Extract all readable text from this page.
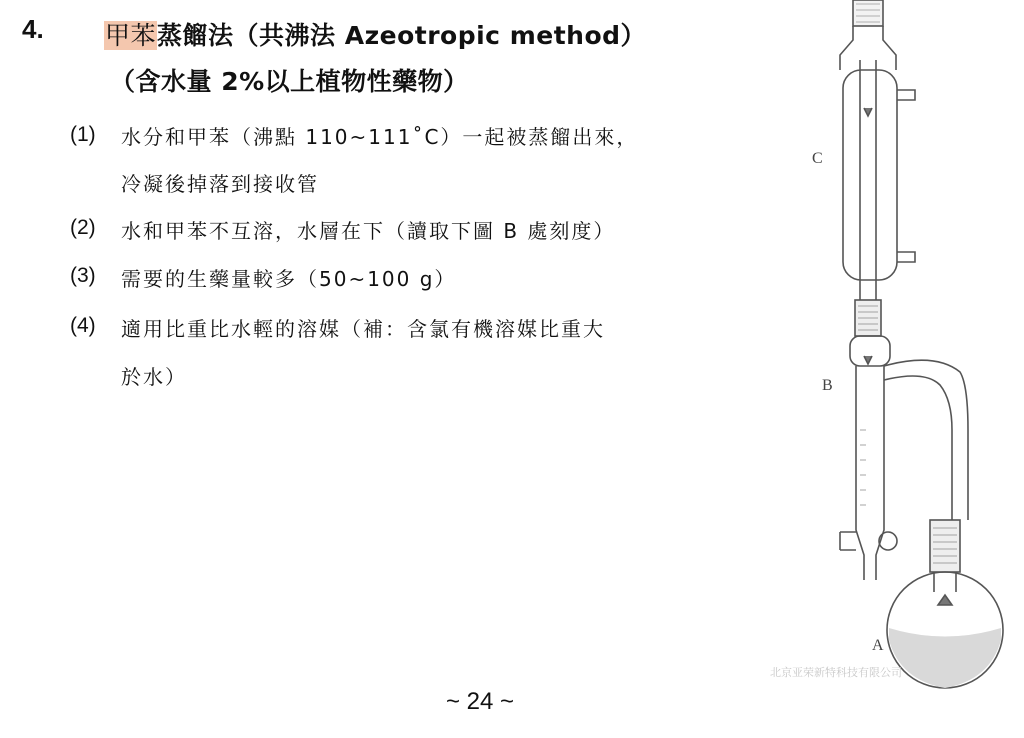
4. 甲苯蒸餾法（共沸法 Azeotropic method）
（含水量 2%以上植物性藥物）
(1) 水分和甲苯（沸點 110~111˚C）一起被蒸餾出來，
冷凝後掉落到接收管
(2) 水和甲苯不互溶，水層在下（讀取下圖 B 處刻度）
(3) 需要的生藥量較多（50~100 g）
(4) 適用比重比水輕的溶媒（補：含氯有機溶媒比重大
於水）
C
B
A
北京亚荣新特科技有限公司
~ 24 ~
